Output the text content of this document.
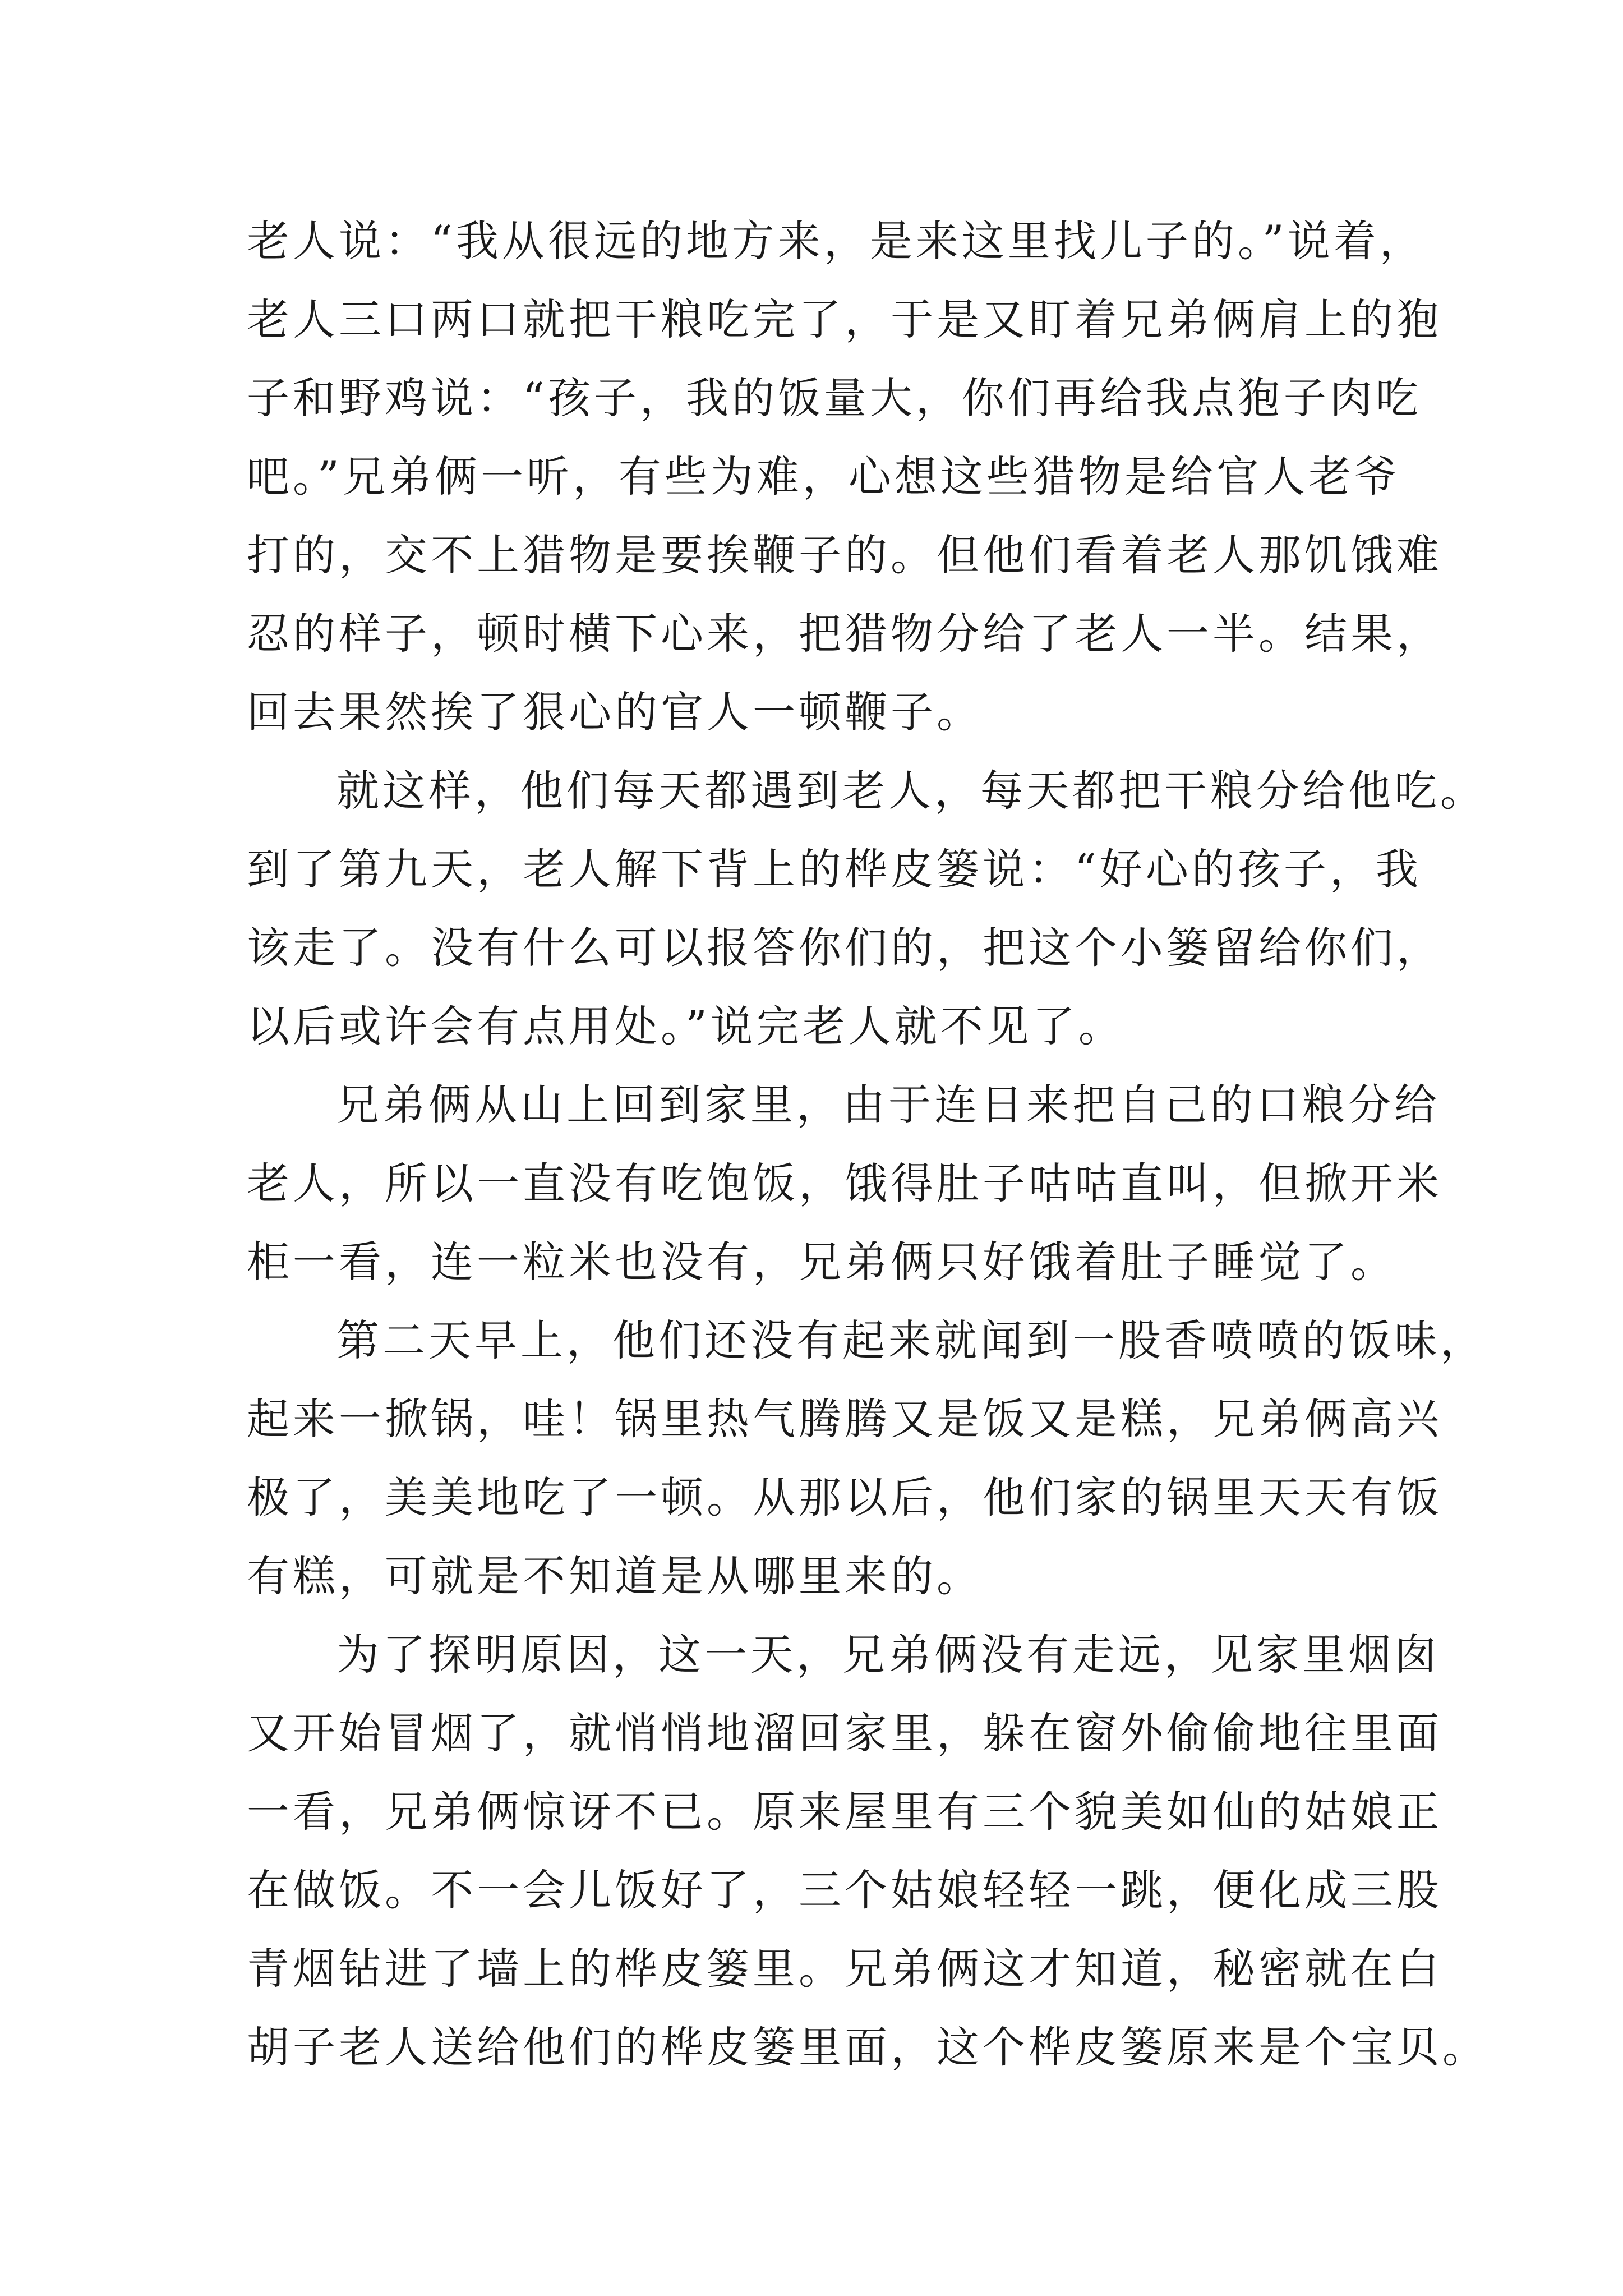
老人说：“我从很远的地方来，是来这里找儿子的。”说着，
老人三口两口就把干粮吃完了，于是又盯着兄弟俩肩上的狍
子和野鸡说：“孩子，我的饭量大，你们再给我点狍子肉吃
吧。”兄弟俩一听，有些为难，心想这些猎物是给官人老爷
打的，交不上猎物是要挨鞭子的。但他们看着老人那饥饿难
忍的样子，顿时横下心来，把猎物分给了老人一半。结果，
回去果然挨了狠心的官人一顿鞭子。
就这样，他们每天都遇到老人，每天都把干粮分给他吃。
到了第九天，老人解下背上的桦皮篓说：“好心的孩子，我
该走了。没有什么可以报答你们的，把这个小篓留给你们，
以后或许会有点用处。”说完老人就不见了。
兄弟俩从山上回到家里，由于连日来把自己的口粮分给
老人，所以一直没有吃饱饭，饿得肚子咕咕直叫，但掀开米
柜一看，连一粒米也没有，兄弟俩只好饿着肚子睡觉了。
第二天早上，他们还没有起来就闻到一股香喷喷的饭味，
起来一掀锅，哇！锅里热气腾腾又是饭又是糕，兄弟俩高兴
极了，美美地吃了一顿。从那以后，他们家的锅里天天有饭
有糕，可就是不知道是从哪里来的。
为了探明原因，这一天，兄弟俩没有走远，见家里烟囱
又开始冒烟了，就悄悄地溜回家里，躲在窗外偷偷地往里面
一看，兄弟俩惊讶不已。原来屋里有三个貌美如仙的姑娘正
在做饭。不一会儿饭好了，三个姑娘轻轻一跳，便化成三股
青烟钻进了墙上的桦皮篓里。兄弟俩这才知道，秘密就在白
胡子老人送给他们的桦皮篓里面，这个桦皮篓原来是个宝贝。
